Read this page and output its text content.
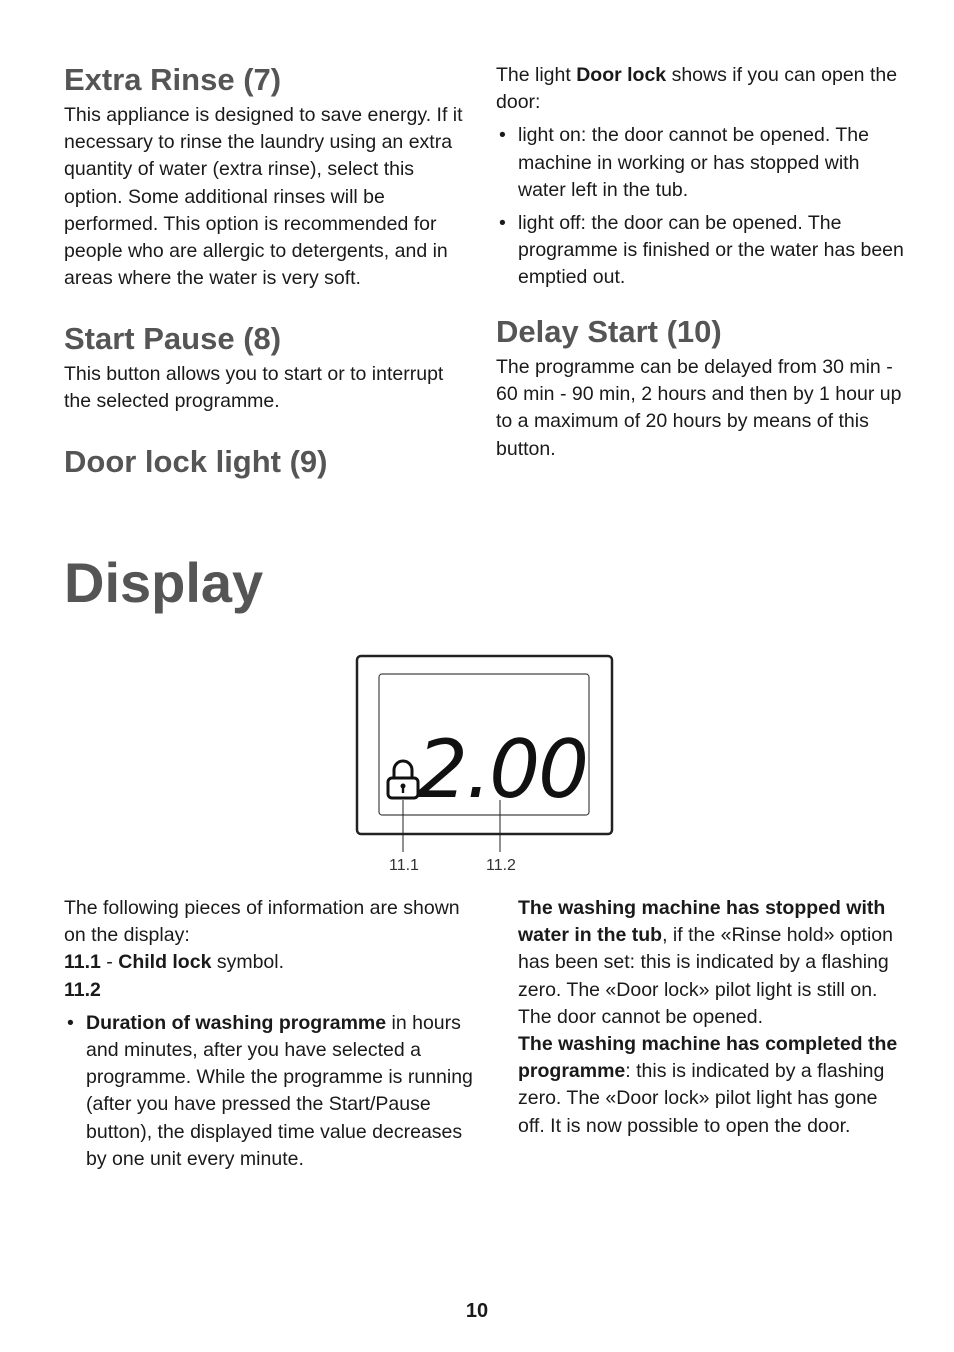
Extra Rinse (7)

This appliance is designed to save energy. If it necessary to rinse the laundry using an extra quantity of water (extra rinse), select this option. Some additional rinses will be performed. This option is recommended for people who are allergic to detergents, and in areas where the water is very soft.

Start Pause (8)

This button allows you to start or to interrupt the selected programme.

Door lock light (9)

The light Door lock shows if you can open the door:

• light on: the door cannot be opened. The machine in working or has stopped with water left in the tub.
• light off: the door can be opened. The programme is finished or the water has been emptied out.
Delay Start (10)

The programme can be delayed from 30 min - 60 min - 90 min, 2 hours and then by 1 hour up to a maximum of 20 hours by means of this button.

Display
2.00
11.1	11.2

The following pieces of information are shown on the display:

11.1 - Child lock symbol.

11.2

• Duration of washing programme in hours and minutes, after you have selected a programme. While the programme is running (after you have pressed the Start/Pause button), the displayed time value decreases by one unit every minute.

The washing machine has stopped with water in the tub, if the «Rinse hold» option has been set: this is indicated by a flashing zero. The «Door lock» pilot light is still on. The door cannot be opened.

The washing machine has completed the programme: this is indicated by a flashing zero. The «Door lock» pilot light has gone off. It is now possible to open the door.

10
